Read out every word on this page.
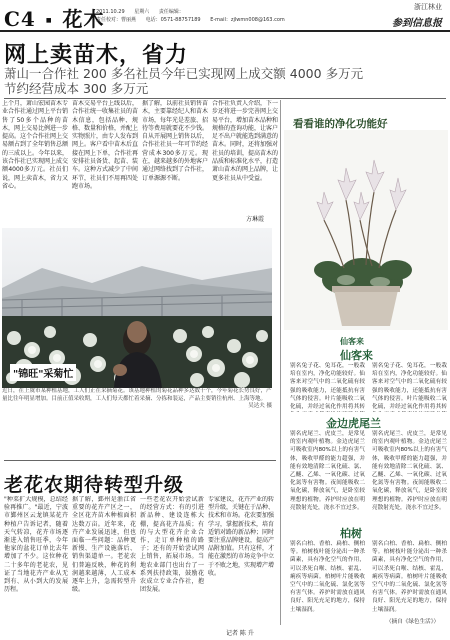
C4 ■ 花木
2011.10.29 星期六 责任编辑：
责任校对：曹丽燕 电话：0571-88757189 E-mail：zjlwmn008@163.com
浙江林业
参到信息报
网上卖苗木，省力
萧山一合作社 200 多名社员今年已实现网上成交额 4000 多万元
节约经营成本 300 多万元
上个月，萧山宏园苗木专业合作社通过网上平台销售了50多个品种的苗木，网上交易比例进一步提高。这个合作社网上交易额占到了全年销售总额的三成以上。今年以来，该合作社已实现网上成交额4000多万元。社员们说，网上卖苗木，省力又省心。
苗木交易平台上线以后，合作社统一收集社员的苗木信息，包括品种、规格、数量和价格，并配上实物照片，由专人发布到网上。客户看中苗木后直接在网上下单，合作社再安排社员备货、起苗、装车。这种方式减少了中间环节，社员们不用再四处跑市场。
据了解，以前社员销售苗木，主要靠经纪人和苗木市场，每年光是差旅、招待等费用就要花不少钱。自从开展网上销售以后，合作社社员一年可节约经营成本300多万元。现在，越来越多的外地客户通过网络找到了合作社，订单源源不断。
合作社负责人介绍，下一步还将进一步完善网上交易平台，增加苗木品种和规格的查询功能，让客户足不出户就能选到满意的苗木。同时，还将加强对社员的培训，提高苗木的品质和标准化水平，打造萧山苗木的网上品牌，让更多社员从中受益。
方琳霞
"锦旺"采菊忙
近日，在上虞市某种植基地，工人们正在采摘菊花。该基地种植的菊花品种多达数十个，今年菊花长势良好，产量比往年明显增加。目前正值采收期，工人们每天都忙着采摘、分拣和装运，产品主要销往杭州、上海等地。
吴达夫 摄
看看谁的净化功能好
仙客来
仙客来
别名兔子花、兔耳花，一般栽培在室内，净化功能较好。仙客来对空气中的二氧化硫有较强的吸收能力，还能抵抗有害气体的侵害。叶片能吸收二氧化硫，并经过氧化作用将其转
别名兔子花、兔耳花，一般栽培在室内，净化功能较好。仙客来对空气中的二氧化硫有较强的吸收能力，还能抵抗有害气体的侵害。叶片能吸收二氧化硫，并经过氧化作用将其转
金边虎尾兰
别名虎尾兰、虎皮兰，是常见的室内观叶植物。金边虎尾兰可吸收室内80%以上的有害气体，吸收甲醛的能力超强，并能有效地清除二氧化硫、氯、乙醚、乙烯、一氧化碳、过氧化氮等有害物。夜间能吸收二氧化碳，释放氧气，是卧室较理想的植物。养护时应放在明亮散射光处，浇水不宜过多。
别名虎尾兰、虎皮兰，是常见的室内观叶植物。金边虎尾兰可吸收室内80%以上的有害气体，吸收甲醛的能力超强，并能有效地清除二氧化硫、氯、乙醚、乙烯、一氧化碳、过氧化氮等有害物。夜间能吸收二氧化碳，释放氧气，是卧室较理想的植物。养护时应放在明亮散射光处，浇水不宜过多。
柏树
别名白柏、香柏、扁柏、侧柏等。柏树枝叶能分泌出一种杀菌素，具有净化空气的作用，可以杀死白喉、结核、霍乱、痢疾等病菌。柏树叶片能吸收空气中的二氧化硫、氯化氢等有害气体。养护时需放在通风良好、阳光充足的地方，保持土壤湿润。
别名白柏、香柏、扁柏、侧柏等。柏树枝叶能分泌出一种杀菌素，具有净化空气的作用，可以杀死白喉、结核、霍乱、痢疾等病菌。柏树叶片能吸收空气中的二氧化硫、氯化氢等有害气体。养护时需放在通风良好、阳光充足的地方，保持土壤湿润。
（摘自《绿色生活》）
老花农期待转型升级
"种菜扩大规模，总结经验再推广。"最近，宁波市鄞州区云龙镇某花卉种植户告诉记者，随着天气转凉，花卉市场逐渐进入销售旺季，今年他家的盆花订单比去年增加了不少。这位种花二十多年的老花农，见证了当地花卉产业从无到有、从小到大的发展历程。
据了解，鄞州是浙江省重要的花卉产区之一，全区花卉苗木种植面积达数万亩。近年来，花卉产业发展迅速，但也面临一些问题：品种更新慢、生产设施落后、销售渠道单一。老花农们普遍反映，种花的利润越来越薄，人工成本逐年上升，急需转型升级。
一些老花农开始尝试新的经营方式：有的引进新品种、建设连栋大棚，提高花卉品质；有的与大型花卉企业合作，走订单种植的路子；还有的开始尝试网上销售，拓展市场。当地农业部门也出台了一系列扶持政策，鼓励花农成立专业合作社，抱团发展。
专家建议，花卉产业的转型升级，关键在于品种、技术和市场。花农要加强学习，掌握新技术，培育适销对路的新品种；同时要注重品牌建设，提高产品附加值。只有这样，才能在激烈的市场竞争中立于不败之地，实现增产增收。
记者 陈 升
